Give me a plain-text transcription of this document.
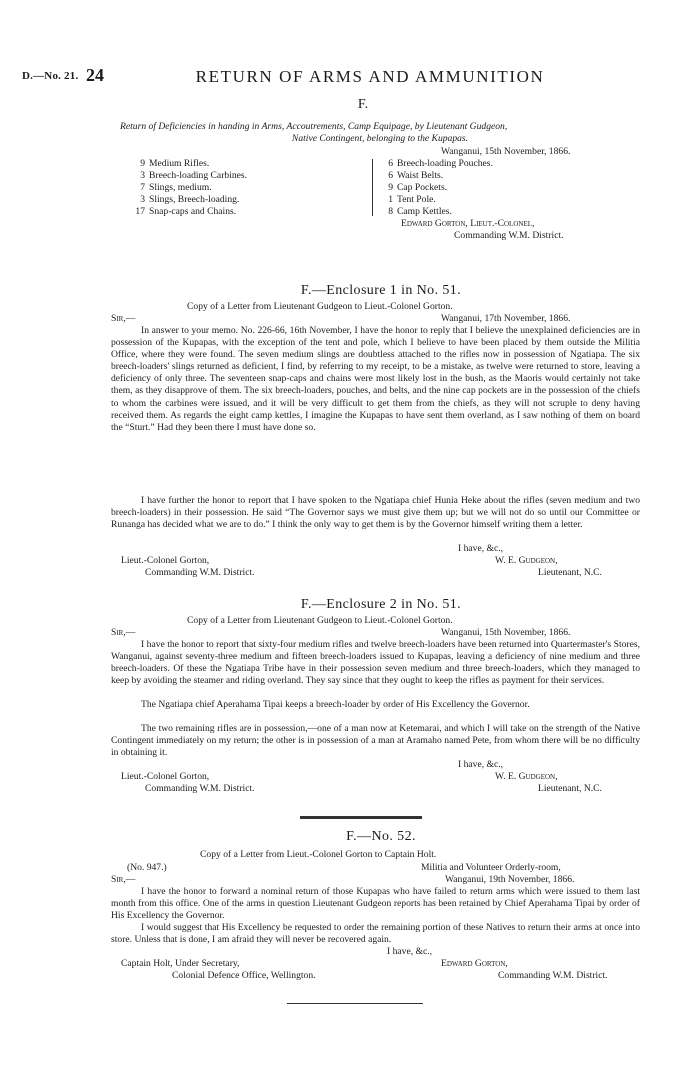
D.—No. 21. 24	RETURN OF ARMS AND AMMUNITION
F.
Return of Deficiencies in handing in Arms, Accoutrements, Camp Equipage, by Lieutenant Gudgeon,
Native Contingent, belonging to the Kupapas.
Wanganui, 15th November, 1866.
9 Medium Rifles.
3 Breech-loading Carbines.
7 Slings, medium.
3 Slings, Breech-loading.
17 Snap-caps and Chains.
6 Breech-loading Pouches.
6 Waist Belts.
9 Cap Pockets.
1 Tent Pole.
8 Camp Kettles.
Edward Gorton, Lieut.-Colonel,
Commanding W.M. District.
F.—Enclosure 1 in No. 51.
Copy of a Letter from Lieutenant Gudgeon to Lieut.-Colonel Gorton.
Sir,—	Wanganui, 17th November, 1866.
In answer to your memo. No. 226-66, 16th November, I have the honor to reply that I believe the unexplained deficiencies are in possession of the Kupapas, with the exception of the tent and pole, which I believe to have been placed by them outside the Militia Office, where they were found. The seven medium slings are doubtless attached to the rifles now in possession of Ngatiapa. The six breech-loaders' slings returned as deficient, I find, by referring to my receipt, to be a mistake, as twelve were returned to store, leaving a deficiency of only three. The seventeen snap-caps and chains were most likely lost in the bush, as the Maoris would certainly not take them, as they disapprove of them. The six breech-loaders, pouches, and belts, and the nine cap pockets are in the possession of the chiefs to whom the carbines were issued, and it will be very difficult to get them from the chiefs, as they will not scruple to deny having received them. As regards the eight camp kettles, I imagine the Kupapas to have sent them overland, as I saw nothing of them on board the “Sturt.” Had they been there I must have done so.
I have further the honor to report that I have spoken to the Ngatiapa chief Hunia Heke about the rifles (seven medium and two breech-loaders) in their possession. He said “The Governor says we must give them up; but we will not do so until our Committee or Runanga has decided what we are to do.” I think the only way to get them is by the Governor himself writing them a letter.
I have, &c.,
Lieut.-Colonel Gorton,	W. E. Gudgeon,
Commanding W.M. District.	Lieutenant, N.C.
F.—Enclosure 2 in No. 51.
Copy of a Letter from Lieutenant Gudgeon to Lieut.-Colonel Gorton.
Sir,—	Wanganui, 15th November, 1866.
I have the honor to report that sixty-four medium rifles and twelve breech-loaders have been returned into Quartermaster's Stores, Wanganui, against seventy-three medium and fifteen breech-loaders issued to Kupapas, leaving a deficiency of nine medium and three breech-loaders. Of these the Ngatiapa Tribe have in their possession seven medium and three breech-loaders, which they managed to keep by avoiding the steamer and riding overland. They say since that they ought to keep the rifles as payment for their services.
The Ngatiapa chief Aperahama Tipai keeps a breech-loader by order of His Excellency the Governor.
The two remaining rifles are in possession,—one of a man now at Ketemarai, and which I will take on the strength of the Native Contingent immediately on my return; the other is in possession of a man at Aramaho named Pete, from whom there will be no difficulty in obtaining it.
I have, &c.,
Lieut.-Colonel Gorton,	W. E. Gudgeon,
Commanding W.M. District.	Lieutenant, N.C.
F.—No. 52.
Copy of a Letter from Lieut.-Colonel Gorton to Captain Holt.
(No. 947.)	Militia and Volunteer Orderly-room,
Sir,—	Wanganui, 19th November, 1866.
I have the honor to forward a nominal return of those Kupapas who have failed to return arms which were issued to them last month from this office. One of the arms in question Lieutenant Gudgeon reports has been retained by Chief Aperahama Tipai by order of His Excellency the Governor.
I would suggest that His Excellency be requested to order the remaining portion of these Natives to return their arms at once into store. Unless that is done, I am afraid they will never be recovered again.
I have, &c.,
Captain Holt, Under Secretary,	Edward Gorton,
Colonial Defence Office, Wellington.	Commanding W.M. District.
